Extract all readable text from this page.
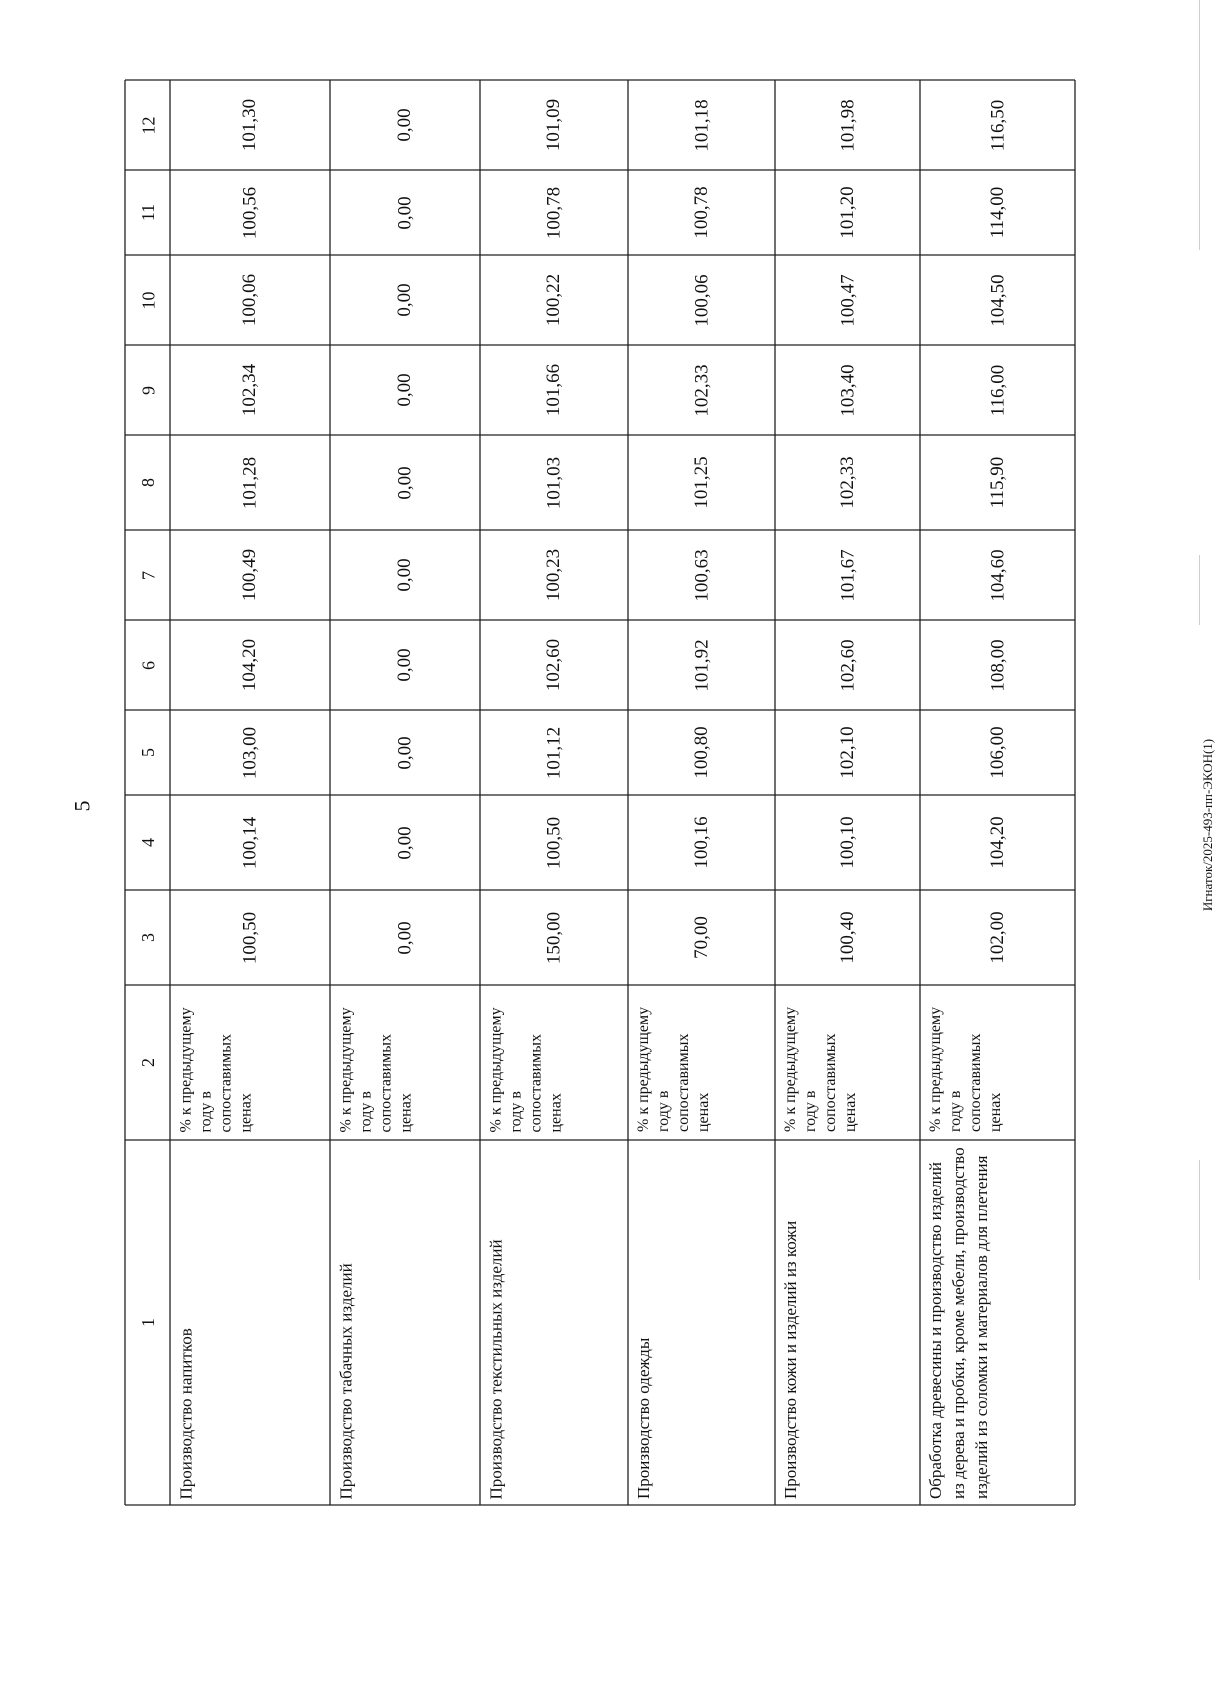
5
1
2
3
4
5
6
7
8
9
10
11
12
Производство напитков
% к предыдущему году в сопоставимых ценах
100,50
100,14
103,00
104,20
100,49
101,28
102,34
100,06
100,56
101,30
Производство табачных изделий
% к предыдущему году в сопоставимых ценах
0,00
0,00
0,00
0,00
0,00
0,00
0,00
0,00
0,00
0,00
Производство текстильных изделий
% к предыдущему году в сопоставимых ценах
150,00
100,50
101,12
102,60
100,23
101,03
101,66
100,22
100,78
101,09
Производство одежды
% к предыдущему году в сопоставимых ценах
70,00
100,16
100,80
101,92
100,63
101,25
102,33
100,06
100,78
101,18
Производство кожи и изделий из кожи
% к предыдущему году в сопоставимых ценах
100,40
100,10
102,10
102,60
101,67
102,33
103,40
100,47
101,20
101,98
Обработка древесины и производство изделий из дерева и пробки, кроме мебели, производство изделий из соломки и материалов для плетения
% к предыдущему году в сопоставимых ценах
102,00
104,20
106,00
108,00
104,60
115,90
116,00
104,50
114,00
116,50
Игнаток/2025-493-пп-ЭКОН(1)
